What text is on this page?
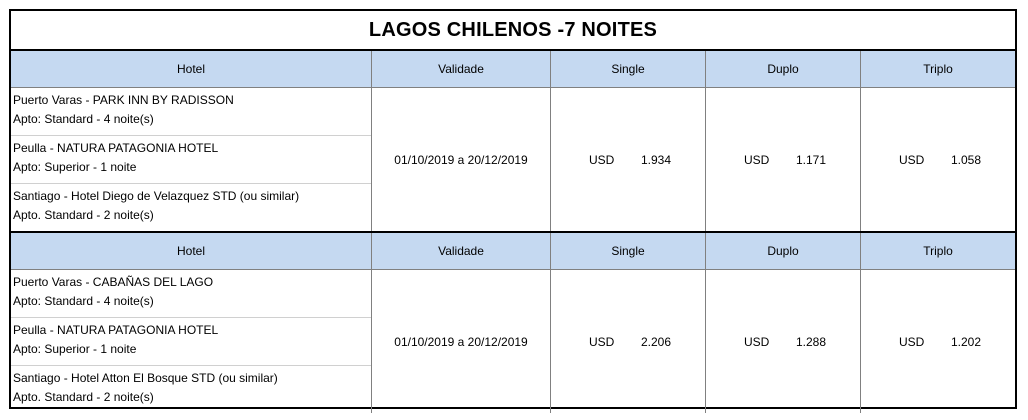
LAGOS CHILENOS -7 NOITES
Hotel	Validade	Single	Duplo	Triplo
Puerto Varas - PARK INN BY RADISSON
Apto: Standard - 4 noite(s)
Peulla - NATURA PATAGONIA HOTEL
Apto: Superior - 1 noite
Santiago - Hotel Diego de Velazquez STD (ou similar)
Apto. Standard - 2 noite(s)
01/10/2019 a 20/12/2019	USD 1.934	USD 1.171	USD 1.058
Hotel	Validade	Single	Duplo	Triplo
Puerto Varas - CABAÑAS DEL LAGO
Apto: Standard - 4 noite(s)
Peulla - NATURA PATAGONIA HOTEL
Apto: Superior - 1 noite
Santiago - Hotel Atton El Bosque STD (ou similar)
Apto. Standard - 2 noite(s)
01/10/2019 a 20/12/2019	USD 2.206	USD 1.288	USD 1.202
